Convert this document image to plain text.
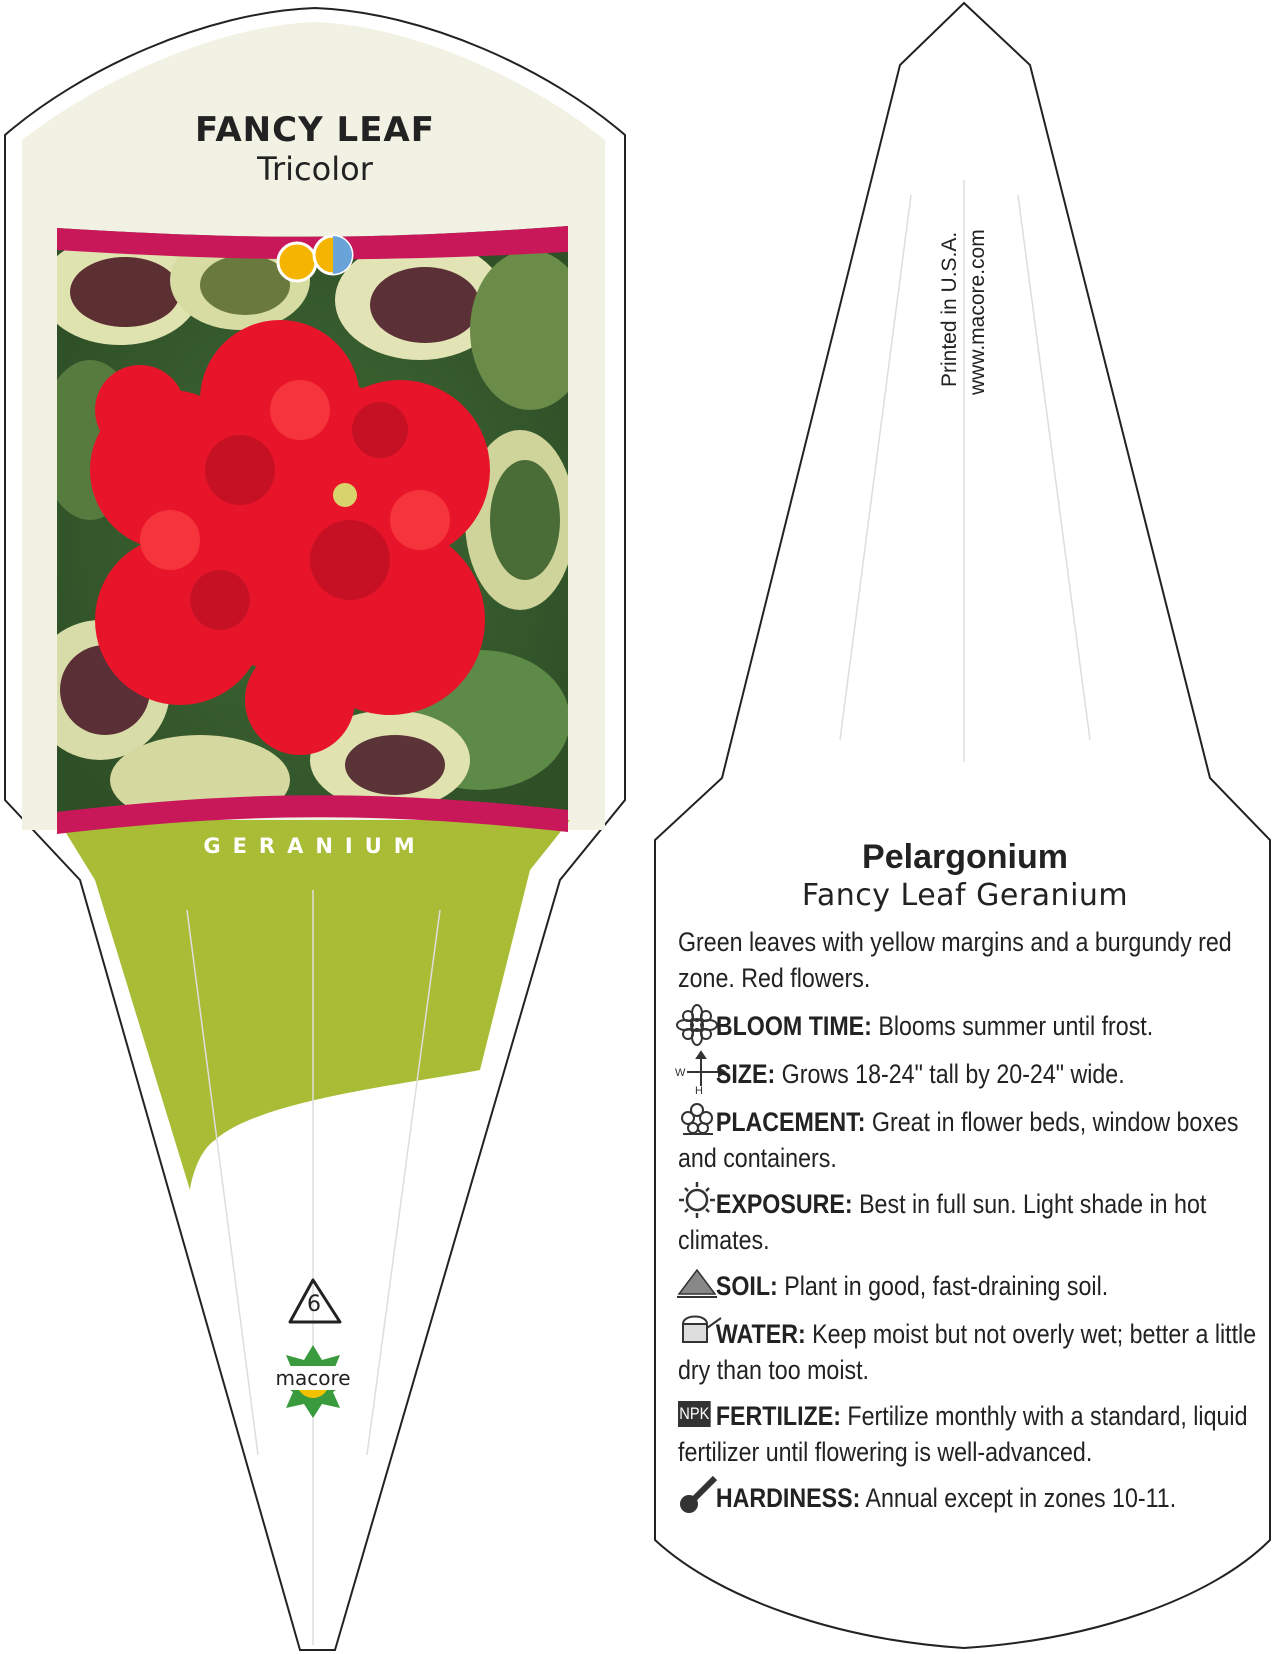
W
H
FANCY LEAF
Tricolor
GERANIUM
6
macore
Printed in U.S.A. www.macore.com
Pelargonium
Fancy Leaf Geranium
Green leaves with yellow margins and a burgundy red zone. Red flowers.
BLOOM TIME: Blooms summer until frost.
SIZE: Grows 18-24" tall by 20-24" wide.
PLACEMENT: Great in flower beds, window boxes and containers.
EXPOSURE: Best in full sun. Light shade in hot climates.
SOIL: Plant in good, fast-draining soil.
WATER: Keep moist but not overly wet; better a little dry than too moist.
NPK FERTILIZE: Fertilize monthly with a standard, liquid fertilizer until flowering is well-advanced.
HARDINESS: Annual except in zones 10-11.
